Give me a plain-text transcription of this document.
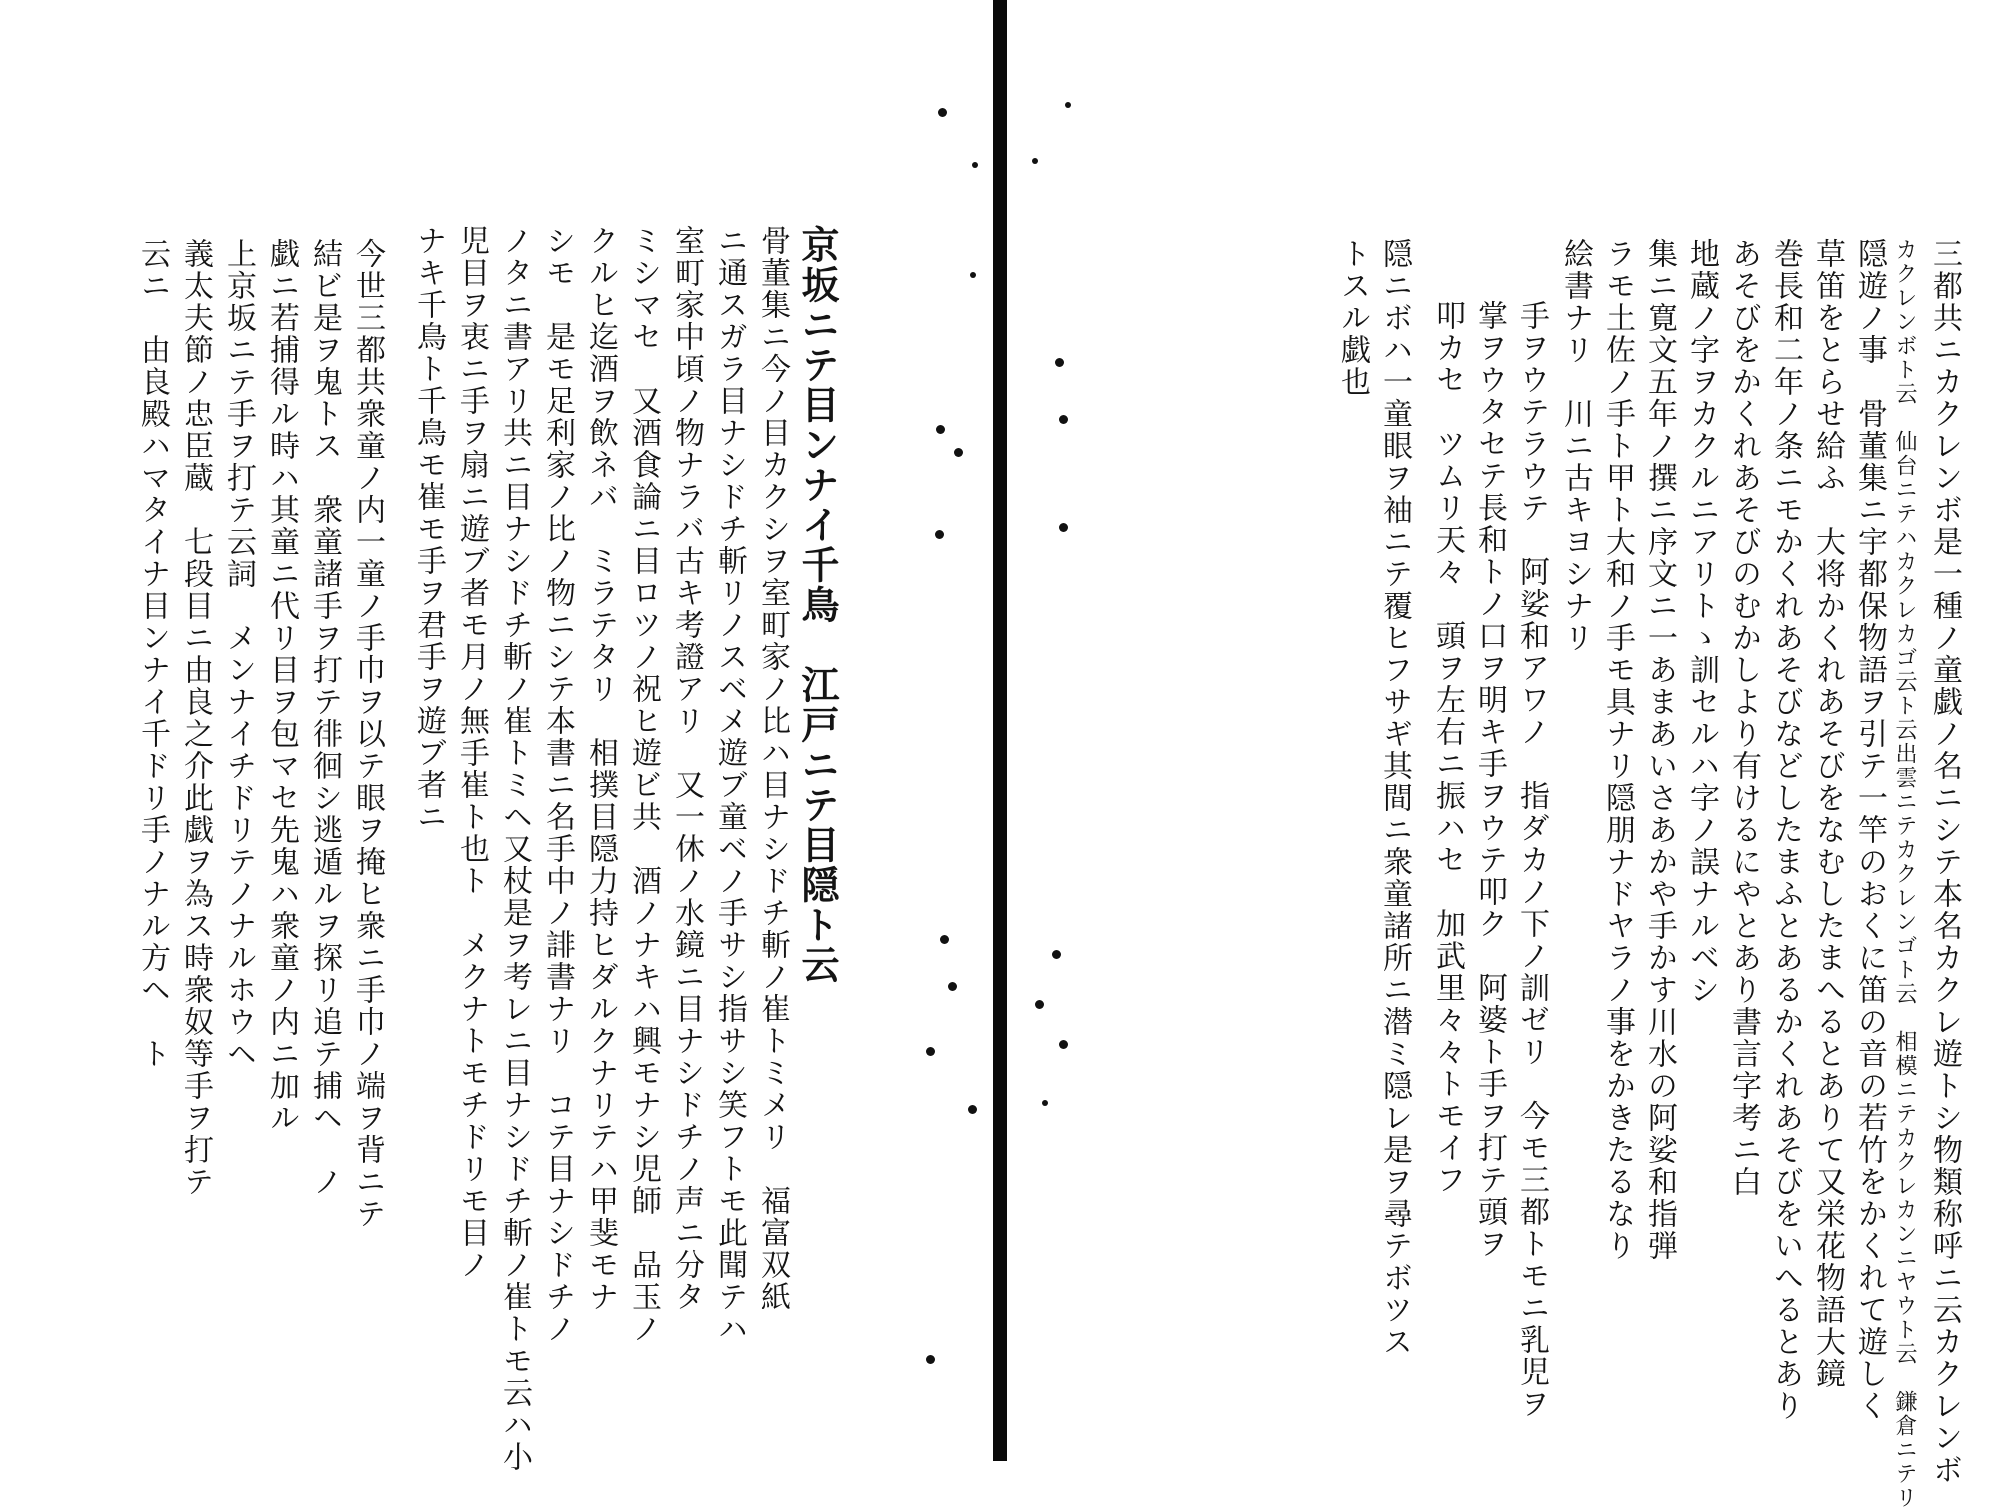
京坂ニテ目ンナイ千鳥　江戸ニテ目隠ト云
骨董集ニ今ノ目カクシヲ室町家ノ比ハ目ナシドチ斬ノ崔トミメリ　福富双紙
ニ通スガラ目ナシドチ斬リノスベメ遊ブ童ベノ手サシ指サシ笑フトモ此聞テハ
室町家中頃ノ物ナラバ古キ考證アリ　又一休ノ水鏡ニ目ナシドチノ声ニ分タ
ミシマセ　又酒食論ニ目ロツノ祝ヒ遊ビ共　酒ノナキハ興モナシ児師　品玉ノ
クルヒ迄酒ヲ飲ネバ　ミラテタリ　相撲目隠力持ヒダルクナリテハ甲斐モナ
シモ　是モ足利家ノ比ノ物ニシテ本書ニ名手中ノ誹書ナリ　コテ目ナシドチノ
ノタニ書アリ共ニ目ナシドチ斬ノ崔トミヘ又杖是ヲ考レニ目ナシドチ斬ノ崔トモ云ハ小
児目ヲ衷ニ手ヲ扇ニ遊ブ者モ月ノ無手崔ト也ト　メクナトモチドリモ目ノ
ナキ千鳥ト千鳥モ崔モ手ヲ君手ヲ遊ブ者ニ
今世三都共衆童ノ内一童ノ手巾ヲ以テ眼ヲ掩ヒ衆ニ手巾ノ端ヲ背ニテ
結ビ是ヲ鬼トス　衆童諸手ヲ打テ徘徊シ逃遁ルヲ探リ追テ捕ヘ　ノ
戯ニ若捕得ル時ハ其童ニ代リ目ヲ包マセ先鬼ハ衆童ノ内ニ加ル
上京坂ニテ手ヲ打テ云詞　メンナイチドリテノナルホウヘ
義太夫節ノ忠臣蔵　七段目ニ由良之介此戯ヲ為ス時衆奴等手ヲ打テ
云ニ　由良殿ハマタイナ目ンナイ千ドリ手ノナル方ヘ　ト	三都共ニカクレンボ是一種ノ童戯ノ名ニシテ本名カクレ遊トシ物類称呼ニ云カクレンボ
カクレンボト云　仙台ニテハカクレカゴ云ト云出雲ニテカクレンゴト云　相模ニテカクレカンニヤウト云　鎌倉ニテリ
隠遊ノ事　骨董集ニ宇都保物語ヲ引テ一竿のおくに笛の音の若竹をかくれて遊しく
草笛をとらせ給ふ　大将かくれあそびをなむしたまへるとありて又栄花物語大鏡
巻長和二年ノ条ニモかくれあそびなどしたまふとあるかくれあそびをいへるとあり
あそびをかくれあそびのむかしより有けるにやとあり書言字考ニ白
地蔵ノ字ヲカクルニアリトゝ訓セルハ字ノ誤ナルベシ
集ニ寛文五年ノ撰ニ序文ニ一あまあいさあかや手かす川水の阿娑和指弾
ラモ土佐ノ手ト甲ト大和ノ手モ具ナリ隠朋ナドヤラノ事をかきたるなり
絵書ナリ　川ニ古キヨシナリ
手ヲウテラウテ　阿娑和アワノ　指ダカノ下ノ訓ゼリ　今モ三都トモニ乳児ヲ
掌ヲウタセテ長和トノ口ヲ明キ手ヲウテ叩ク　阿婆ト手ヲ打テ頭ヲ
叩カセ　ツムリ天々　頭ヲ左右ニ振ハセ　加武里々々トモイフ
隠ニボハ一童眼ヲ袖ニテ覆ヒフサギ其間ニ衆童諸所ニ潜ミ隠レ是ヲ尋テボツス
トスル戯也
